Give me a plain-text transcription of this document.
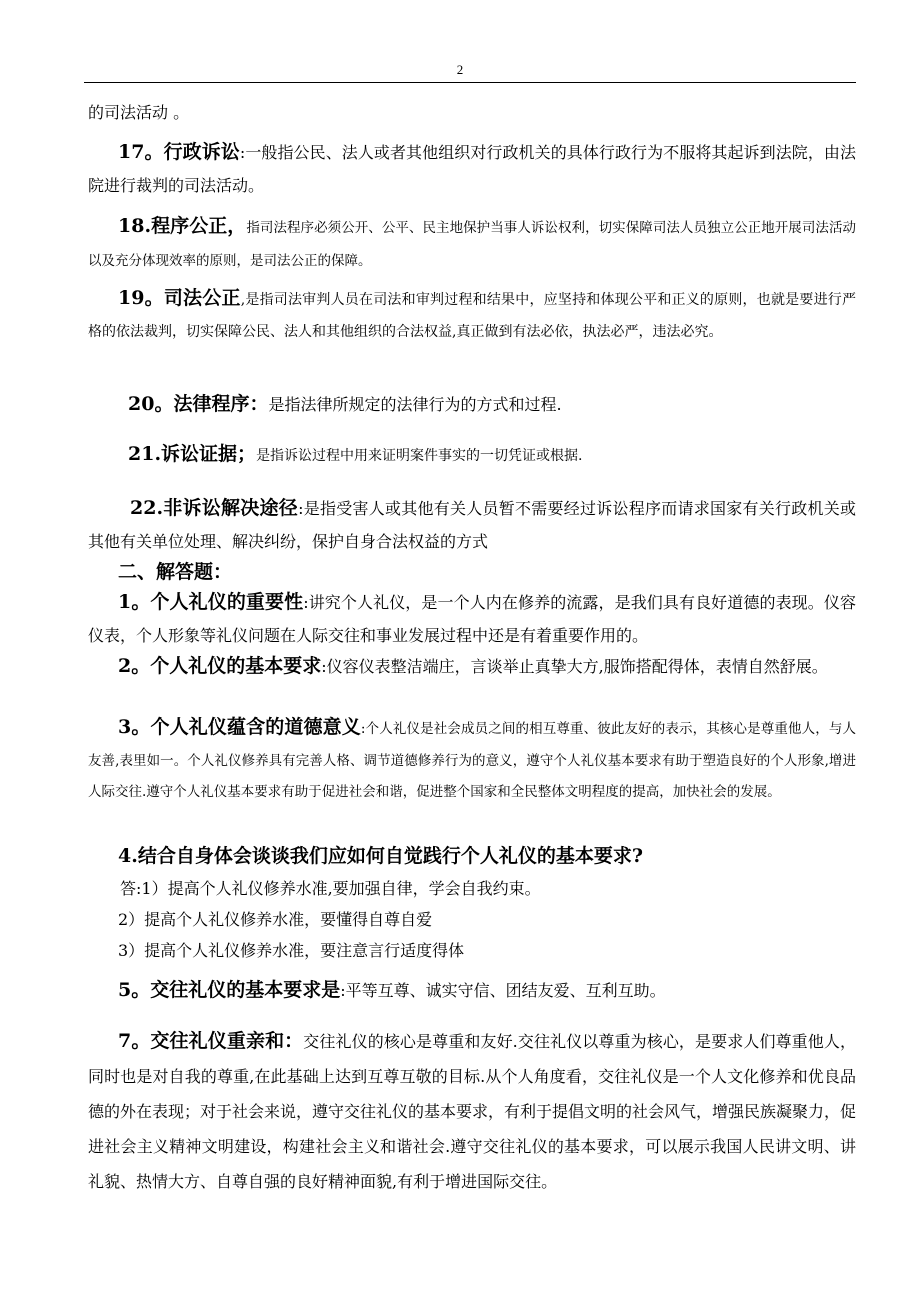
2

的司法活动 。

17。行政诉讼:一般指公民、法人或者其他组织对行政机关的具体行政行为不服将其起诉到法院，由法院进行裁判的司法活动。

18.程序公正，指司法程序必须公开、公平、民主地保护当事人诉讼权利，切实保障司法人员独立公正地开展司法活动以及充分体现效率的原则，是司法公正的保障。

19。司法公正,是指司法审判人员在司法和审判过程和结果中，应坚持和体现公平和正义的原则，也就是要进行严格的依法裁判，切实保障公民、法人和其他组织的合法权益,真正做到有法必依，执法必严，违法必究。

20。法律程序：是指法律所规定的法律行为的方式和过程.

21.诉讼证据；是指诉讼过程中用来证明案件事实的一切凭证或根据.

22.非诉讼解决途径:是指受害人或其他有关人员暂不需要经过诉讼程序而请求国家有关行政机关或其他有关单位处理、解决纠纷，保护自身合法权益的方式

二、解答题：

1。个人礼仪的重要性:讲究个人礼仪，是一个人内在修养的流露，是我们具有良好道德的表现。仪容仪表，个人形象等礼仪问题在人际交往和事业发展过程中还是有着重要作用的。

2。个人礼仪的基本要求:仪容仪表整洁端庄，言谈举止真挚大方,服饰搭配得体，表情自然舒展。

3。个人礼仪蕴含的道德意义:个人礼仪是社会成员之间的相互尊重、彼此友好的表示，其核心是尊重他人，与人友善,表里如一。个人礼仪修养具有完善人格、调节道德修养行为的意义，遵守个人礼仪基本要求有助于塑造良好的个人形象,增进人际交往.遵守个人礼仪基本要求有助于促进社会和谐，促进整个国家和全民整体文明程度的提高，加快社会的发展。

4.结合自身体会谈谈我们应如何自觉践行个人礼仪的基本要求?

答:1）提高个人礼仪修养水准,要加强自律，学会自我约束。

2）提高个人礼仪修养水准，要懂得自尊自爱

3）提高个人礼仪修养水准，要注意言行适度得体

5。交往礼仪的基本要求是:平等互尊、诚实守信、团结友爱、互利互助。

7。交往礼仪重亲和：交往礼仪的核心是尊重和友好.交往礼仪以尊重为核心，是要求人们尊重他人，同时也是对自我的尊重,在此基础上达到互尊互敬的目标.从个人角度看，交往礼仪是一个人文化修养和优良品德的外在表现；对于社会来说，遵守交往礼仪的基本要求，有利于提倡文明的社会风气，增强民族凝聚力，促进社会主义精神文明建设，构建社会主义和谐社会.遵守交往礼仪的基本要求，可以展示我国人民讲文明、讲礼貌、热情大方、自尊自强的良好精神面貌,有利于增进国际交往。
